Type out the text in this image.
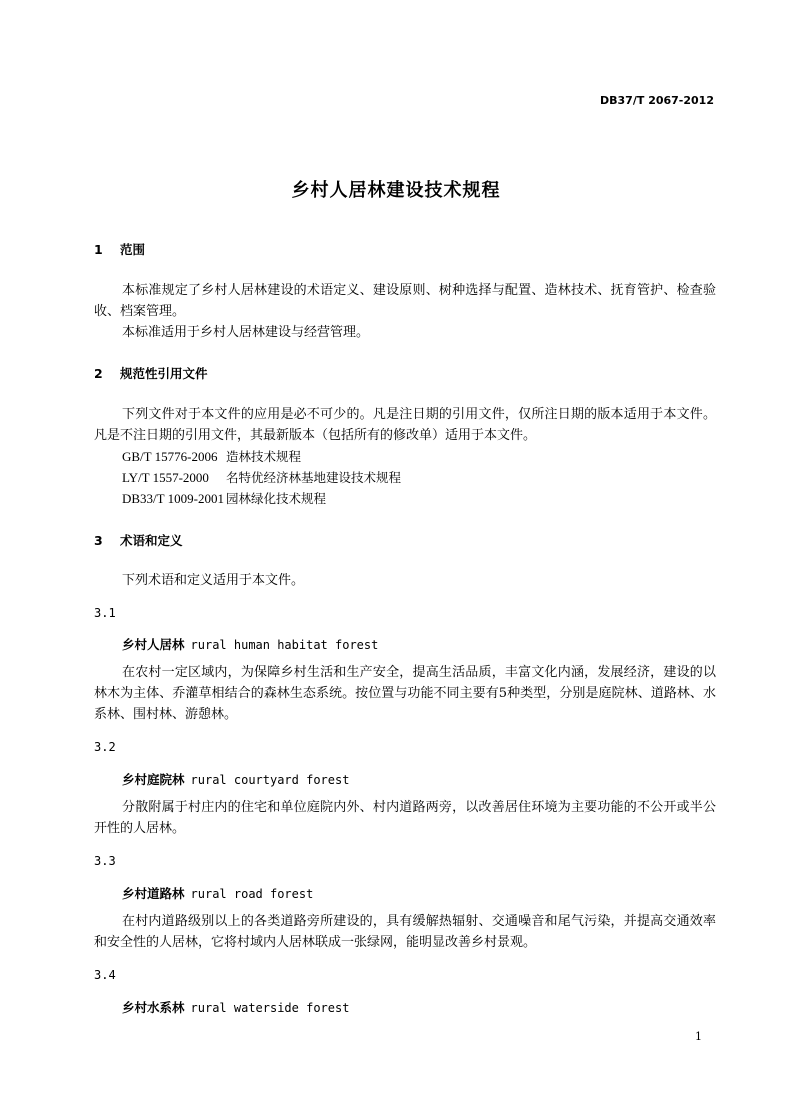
DB37/T 2067-2012
乡村人居林建设技术规程
1 范围
本标准规定了乡村人居林建设的术语定义、建设原则、树种选择与配置、造林技术、抚育管护、检查验收、档案管理。
本标准适用于乡村人居林建设与经营管理。
2 规范性引用文件
下列文件对于本文件的应用是必不可少的。凡是注日期的引用文件，仅所注日期的版本适用于本文件。凡是不注日期的引用文件，其最新版本（包括所有的修改单）适用于本文件。
GB/T 15776-2006 造林技术规程
LY/T 1557-2000 名特优经济林基地建设技术规程
DB33/T 1009-2001 园林绿化技术规程
3 术语和定义
下列术语和定义适用于本文件。
3.1
乡村人居林 rural human habitat forest
在农村一定区域内，为保障乡村生活和生产安全，提高生活品质，丰富文化内涵，发展经济，建设的以林木为主体、乔灌草相结合的森林生态系统。按位置与功能不同主要有5种类型，分别是庭院林、道路林、水系林、围村林、游憩林。
3.2
乡村庭院林 rural courtyard forest
分散附属于村庄内的住宅和单位庭院内外、村内道路两旁，以改善居住环境为主要功能的不公开或半公开性的人居林。
3.3
乡村道路林 rural road forest
在村内道路级别以上的各类道路旁所建设的，具有缓解热辐射、交通噪音和尾气污染，并提高交通效率和安全性的人居林，它将村域内人居林联成一张绿网，能明显改善乡村景观。
3.4
乡村水系林 rural waterside forest
1
